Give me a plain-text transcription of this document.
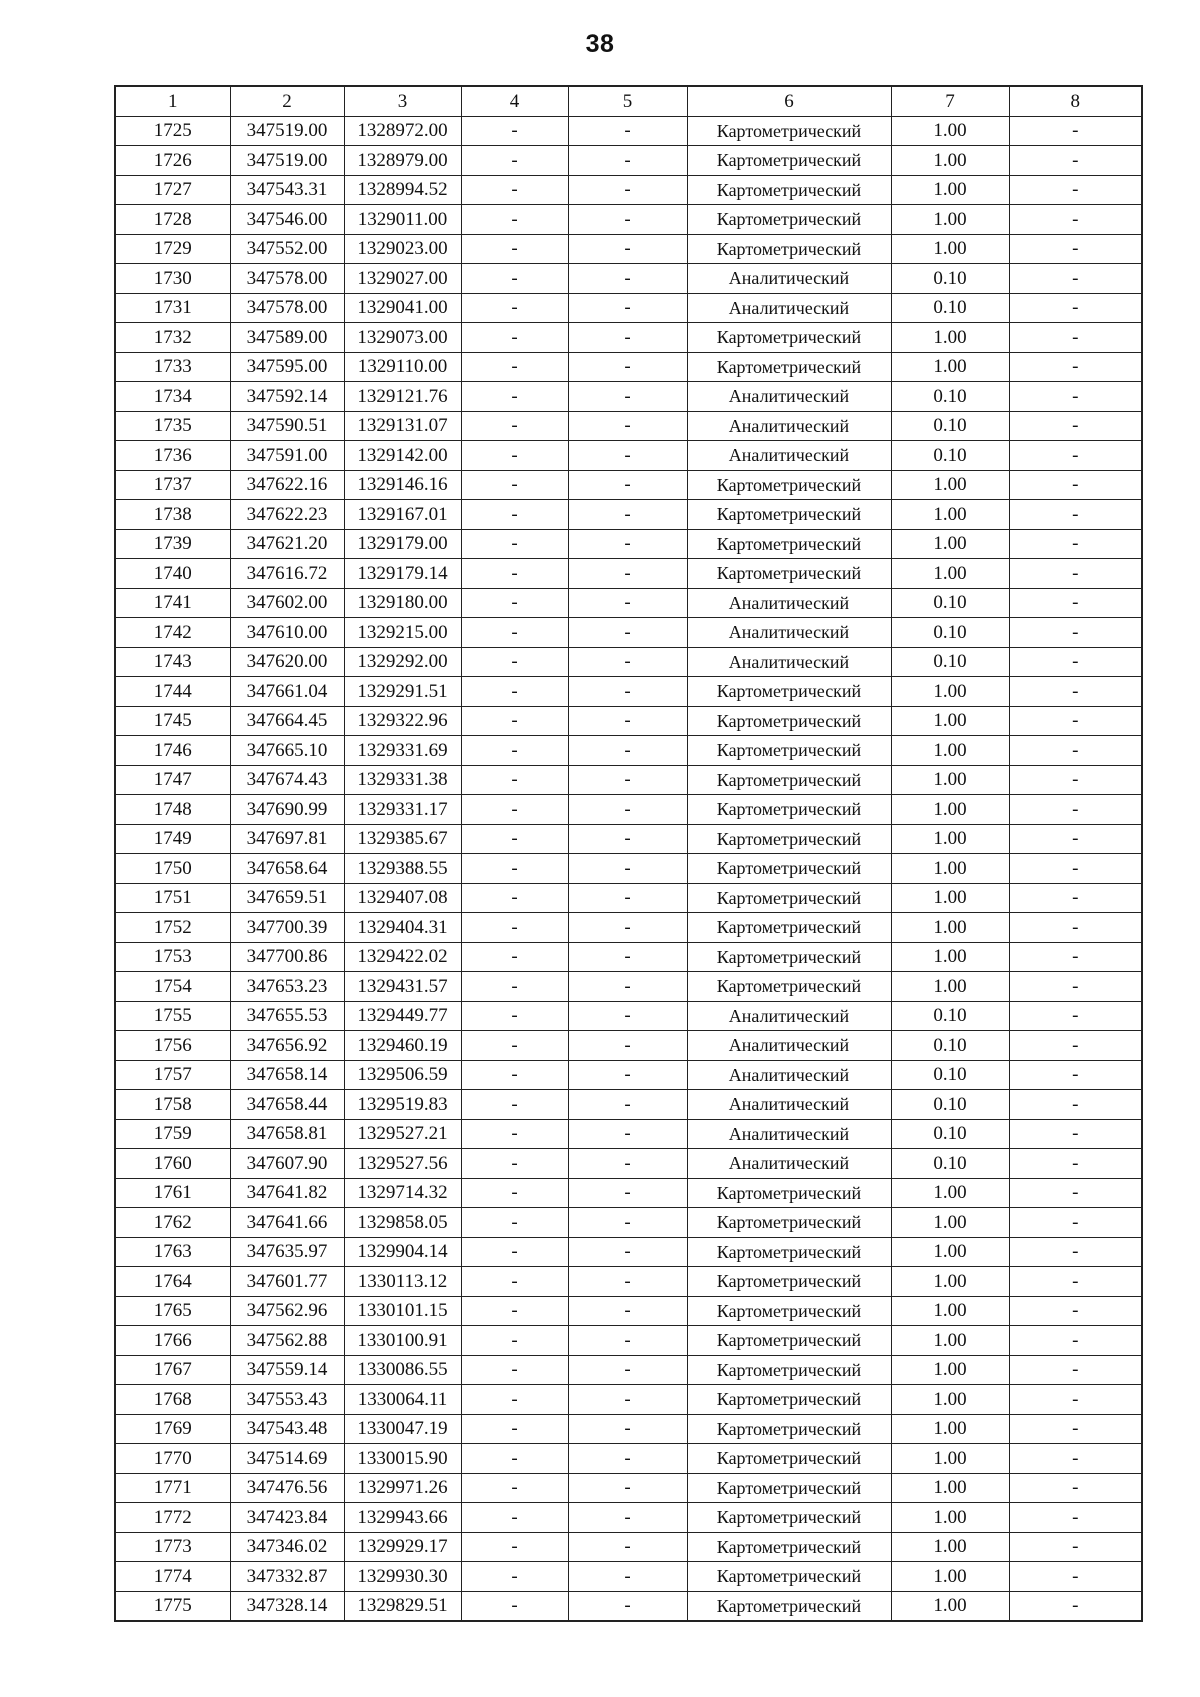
38
1	2	3	4	5	6	7	8
1725	347519.00	1328972.00	-	-	Картометрический	1.00	-
1726	347519.00	1328979.00	-	-	Картометрический	1.00	-
1727	347543.31	1328994.52	-	-	Картометрический	1.00	-
1728	347546.00	1329011.00	-	-	Картометрический	1.00	-
1729	347552.00	1329023.00	-	-	Картометрический	1.00	-
1730	347578.00	1329027.00	-	-	Аналитический	0.10	-
1731	347578.00	1329041.00	-	-	Аналитический	0.10	-
1732	347589.00	1329073.00	-	-	Картометрический	1.00	-
1733	347595.00	1329110.00	-	-	Картометрический	1.00	-
1734	347592.14	1329121.76	-	-	Аналитический	0.10	-
1735	347590.51	1329131.07	-	-	Аналитический	0.10	-
1736	347591.00	1329142.00	-	-	Аналитический	0.10	-
1737	347622.16	1329146.16	-	-	Картометрический	1.00	-
1738	347622.23	1329167.01	-	-	Картометрический	1.00	-
1739	347621.20	1329179.00	-	-	Картометрический	1.00	-
1740	347616.72	1329179.14	-	-	Картометрический	1.00	-
1741	347602.00	1329180.00	-	-	Аналитический	0.10	-
1742	347610.00	1329215.00	-	-	Аналитический	0.10	-
1743	347620.00	1329292.00	-	-	Аналитический	0.10	-
1744	347661.04	1329291.51	-	-	Картометрический	1.00	-
1745	347664.45	1329322.96	-	-	Картометрический	1.00	-
1746	347665.10	1329331.69	-	-	Картометрический	1.00	-
1747	347674.43	1329331.38	-	-	Картометрический	1.00	-
1748	347690.99	1329331.17	-	-	Картометрический	1.00	-
1749	347697.81	1329385.67	-	-	Картометрический	1.00	-
1750	347658.64	1329388.55	-	-	Картометрический	1.00	-
1751	347659.51	1329407.08	-	-	Картометрический	1.00	-
1752	347700.39	1329404.31	-	-	Картометрический	1.00	-
1753	347700.86	1329422.02	-	-	Картометрический	1.00	-
1754	347653.23	1329431.57	-	-	Картометрический	1.00	-
1755	347655.53	1329449.77	-	-	Аналитический	0.10	-
1756	347656.92	1329460.19	-	-	Аналитический	0.10	-
1757	347658.14	1329506.59	-	-	Аналитический	0.10	-
1758	347658.44	1329519.83	-	-	Аналитический	0.10	-
1759	347658.81	1329527.21	-	-	Аналитический	0.10	-
1760	347607.90	1329527.56	-	-	Аналитический	0.10	-
1761	347641.82	1329714.32	-	-	Картометрический	1.00	-
1762	347641.66	1329858.05	-	-	Картометрический	1.00	-
1763	347635.97	1329904.14	-	-	Картометрический	1.00	-
1764	347601.77	1330113.12	-	-	Картометрический	1.00	-
1765	347562.96	1330101.15	-	-	Картометрический	1.00	-
1766	347562.88	1330100.91	-	-	Картометрический	1.00	-
1767	347559.14	1330086.55	-	-	Картометрический	1.00	-
1768	347553.43	1330064.11	-	-	Картометрический	1.00	-
1769	347543.48	1330047.19	-	-	Картометрический	1.00	-
1770	347514.69	1330015.90	-	-	Картометрический	1.00	-
1771	347476.56	1329971.26	-	-	Картометрический	1.00	-
1772	347423.84	1329943.66	-	-	Картометрический	1.00	-
1773	347346.02	1329929.17	-	-	Картометрический	1.00	-
1774	347332.87	1329930.30	-	-	Картометрический	1.00	-
1775	347328.14	1329829.51	-	-	Картометрический	1.00	-
